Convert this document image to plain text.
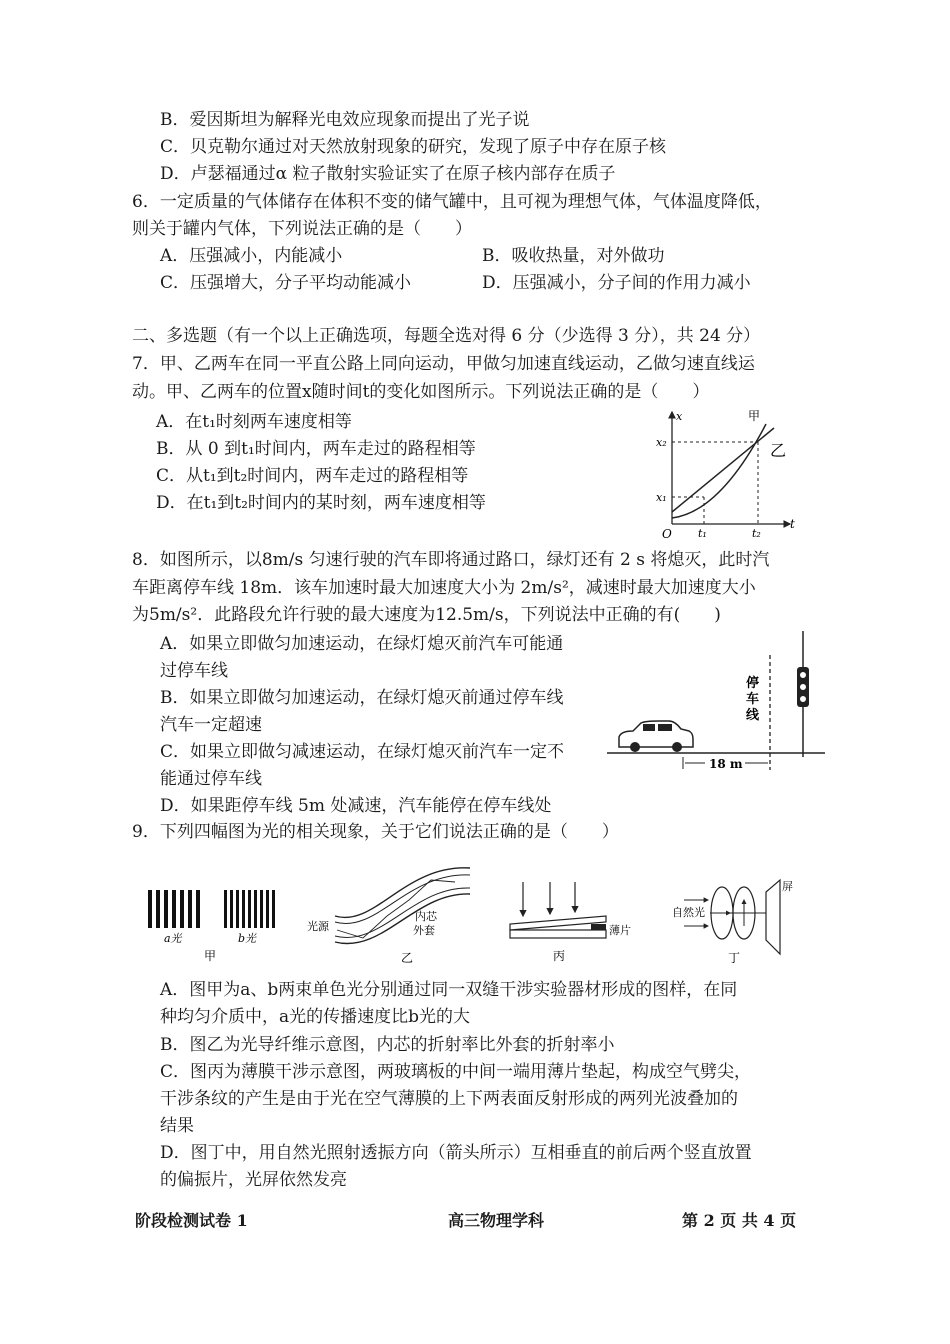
B．爱因斯坦为解释光电效应现象而提出了光子说
C．贝克勒尔通过对天然放射现象的研究，发现了原子中存在原子核
D．卢瑟福通过α 粒子散射实验证实了在原子核内部存在质子
6．一定质量的气体储存在体积不变的储气罐中，且可视为理想气体，气体温度降低，
则关于罐内气体，下列说法正确的是（　　）
A．压强减小，内能减小	B．吸收热量，对外做功
C．压强增大，分子平均动能减小	D．压强减小，分子间的作用力减小
二、多选题（有一个以上正确选项，每题全选对得 6 分（少选得 3 分），共 24 分）
7．甲、乙两车在同一平直公路上同向运动，甲做匀加速直线运动，乙做匀速直线运
动。甲、乙两车的位置x随时间t的变化如图所示。下列说法正确的是（　　）
A．在t₁时刻两车速度相等
B．从 0 到t₁时间内，两车走过的路程相等
C．从t₁到t₂时间内，两车走过的路程相等
D．在t₁到t₂时间内的某时刻，两车速度相等
x
t
O
x₂
x₁
t₁	t₂
甲
乙
8．如图所示，以8m/s 匀速行驶的汽车即将通过路口，绿灯还有 2 s 将熄灭，此时汽
车距离停车线 18m．该车加速时最大加速度大小为 2m/s²，减速时最大加速度大小
为5m/s²．此路段允许行驶的最大速度为12.5m/s，下列说法中正确的有(　　)
A．如果立即做匀加速运动，在绿灯熄灭前汽车可能通
过停车线
B．如果立即做匀加速运动，在绿灯熄灭前通过停车线
汽车一定超速
C．如果立即做匀减速运动，在绿灯熄灭前汽车一定不
能通过停车线
D．如果距停车线 5m 处减速，汽车能停在停车线处
停
车
线
18 m
9．下列四幅图为光的相关现象，关于它们说法正确的是（　　）
a光	b光
甲
光源
内芯
外套
乙
薄片
丙
自然光
屏
丁
A．图甲为a、b两束单色光分别通过同一双缝干涉实验器材形成的图样，在同
种均匀介质中，a光的传播速度比b光的大
B．图乙为光导纤维示意图，内芯的折射率比外套的折射率小
C．图丙为薄膜干涉示意图，两玻璃板的中间一端用薄片垫起，构成空气劈尖，
干涉条纹的产生是由于光在空气薄膜的上下两表面反射形成的两列光波叠加的
结果
D．图丁中，用自然光照射透振方向（箭头所示）互相垂直的前后两个竖直放置
的偏振片，光屏依然发亮
阶段检测试卷 1	高三物理学科	第 2 页 共 4 页
